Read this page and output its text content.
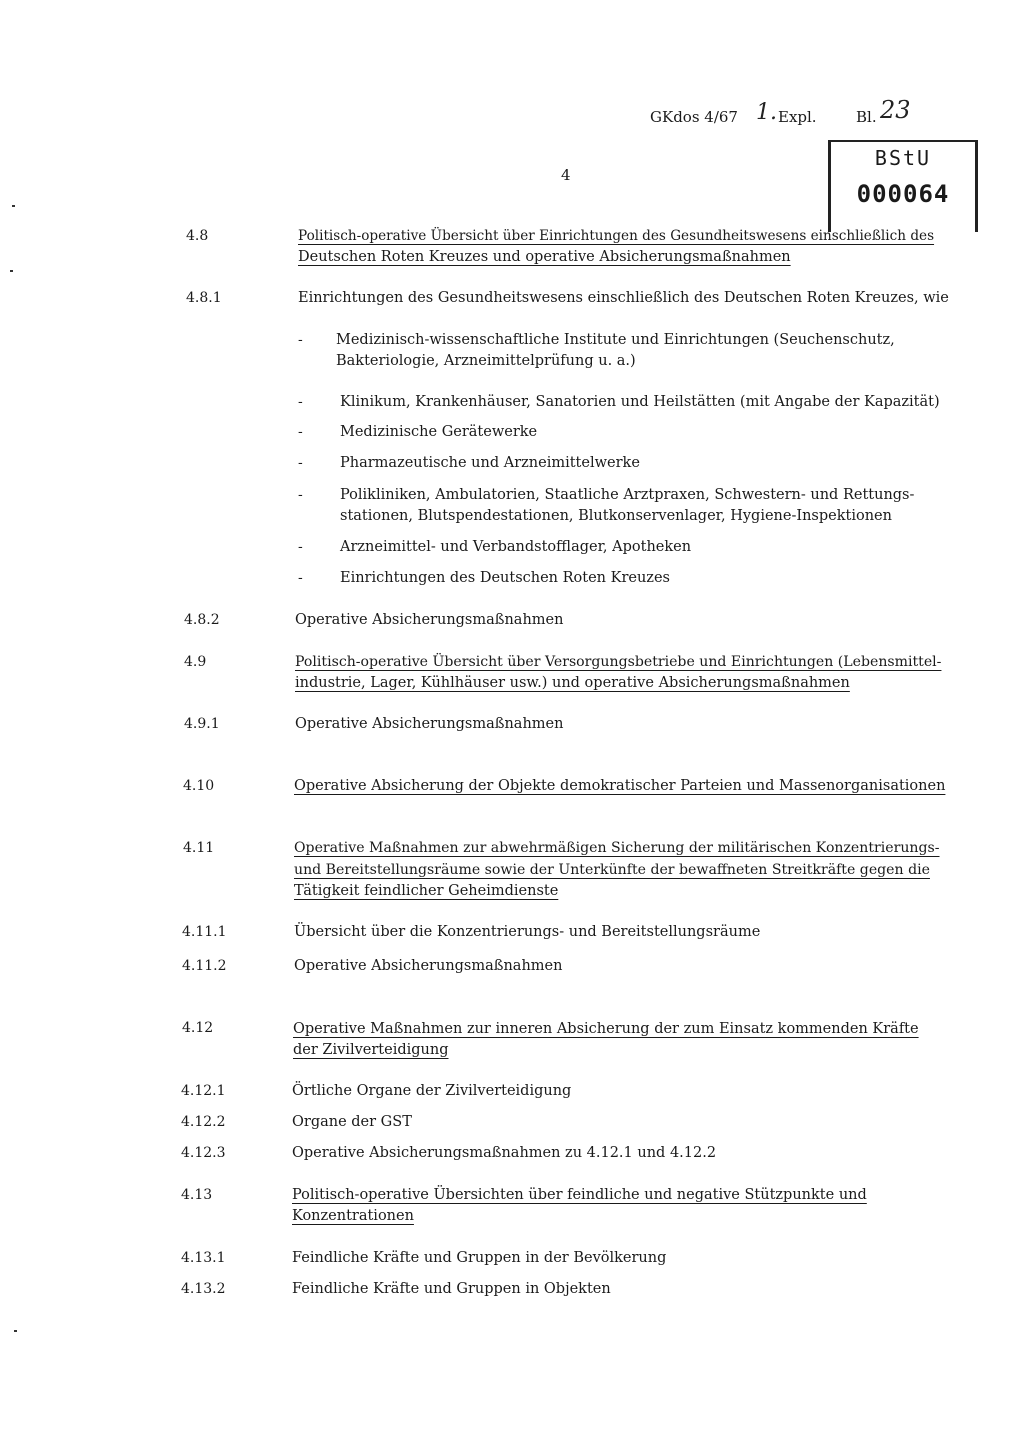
GKdos 4/67 1. Expl.	Bl. 23
4
BStU
000064
4.8	Politisch-operative Übersicht über Einrichtungen des Gesundheitswesens einschließlich des
Deutschen Roten Kreuzes und operative Absicherungsmaßnahmen
4.8.1	Einrichtungen des Gesundheitswesens einschließlich des Deutschen Roten Kreuzes, wie
- Medizinisch-wissenschaftliche Institute und Einrichtungen (Seuchenschutz,
Bakteriologie, Arzneimittelprüfung u. a.)
-	Klinikum, Krankenhäuser, Sanatorien und Heilstätten (mit Angabe der Kapazität)
-	Medizinische Gerätewerke
-	Pharmazeutische und Arzneimittelwerke
-	Polikliniken, Ambulatorien, Staatliche Arztpraxen, Schwestern- und Rettungs-
stationen, Blutspendestationen, Blutkonservenlager, Hygiene-Inspektionen
-	Arzneimittel- und Verbandstofflager, Apotheken
-	Einrichtungen des Deutschen Roten Kreuzes
4.8.2	Operative Absicherungsmaßnahmen
4.9	Politisch-operative Übersicht über Versorgungsbetriebe und Einrichtungen (Lebensmittel-
industrie, Lager, Kühlhäuser usw.) und operative Absicherungsmaßnahmen
4.9.1	Operative Absicherungsmaßnahmen
4.10	Operative Absicherung der Objekte demokratischer Parteien und Massenorganisationen
4.11	Operative Maßnahmen zur abwehrmäßigen Sicherung der militärischen Konzentrierungs-
und Bereitstellungsräume sowie der Unterkünfte der bewaffneten Streitkräfte gegen die
Tätigkeit feindlicher Geheimdienste
4.11.1	Übersicht über die Konzentrierungs- und Bereitstellungsräume
4.11.2	Operative Absicherungsmaßnahmen
4.12	Operative Maßnahmen zur inneren Absicherung der zum Einsatz kommenden Kräfte
der Zivilverteidigung
4.12.1	Örtliche Organe der Zivilverteidigung
4.12.2	Organe der GST
4.12.3	Operative Absicherungsmaßnahmen zu 4.12.1 und 4.12.2
4.13	Politisch-operative Übersichten über feindliche und negative Stützpunkte und
Konzentrationen
4.13.1	Feindliche Kräfte und Gruppen in der Bevölkerung
4.13.2	Feindliche Kräfte und Gruppen in Objekten
